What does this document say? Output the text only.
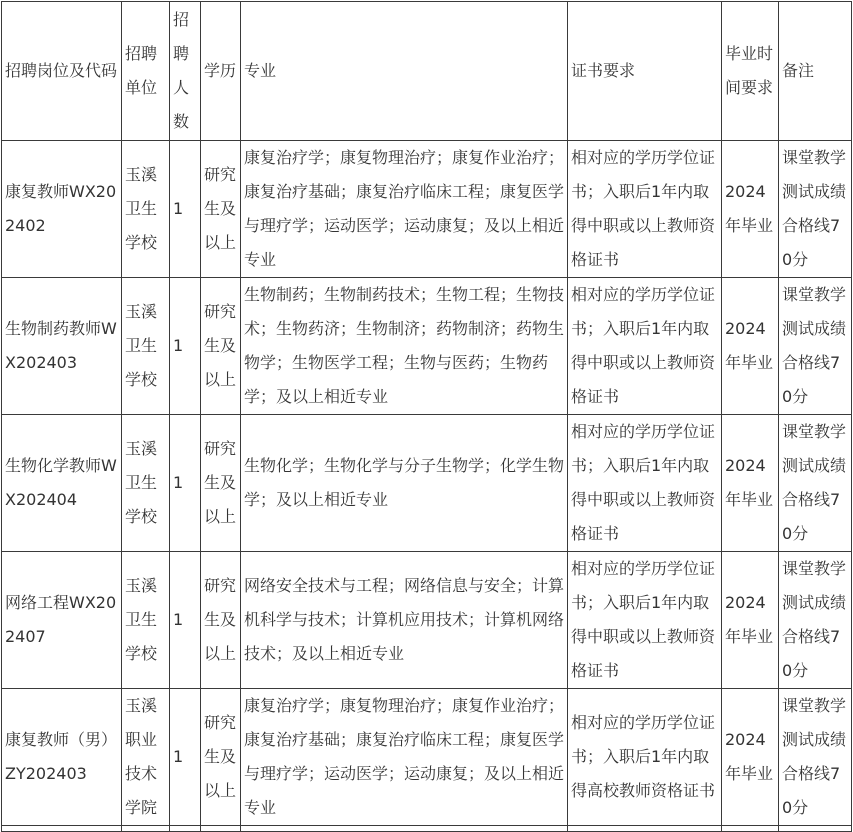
招聘岗位及代码	招聘单位	招聘人数	学历	专业	证书要求	毕业时间要求	备注
康复教师WX202402	玉溪卫生学校	1	研究生及以上	康复治疗学；康复物理治疗；康复作业治疗；康复治疗基础；康复治疗临床工程；康复医学与理疗学；运动医学；运动康复；及以上相近专业	相对应的学历学位证书；入职后1年内取得中职或以上教师资格证书	2024年毕业	课堂教学测试成绩合格线70分
生物制药教师WX202403	玉溪卫生学校	1	研究生及以上	生物制药；生物制药技术；生物工程；生物技术；生物药济；生物制济；药物制济；药物生物学；生物医学工程；生物与医药；生物药学；及以上相近专业	相对应的学历学位证书；入职后1年内取得中职或以上教师资格证书	2024年毕业	课堂教学测试成绩合格线70分
生物化学教师WX202404	玉溪卫生学校	1	研究生及以上	生物化学；生物化学与分子生物学；化学生物学；及以上相近专业	相对应的学历学位证书；入职后1年内取得中职或以上教师资格证书	2024年毕业	课堂教学测试成绩合格线70分
网络工程WX202407	玉溪卫生学校	1	研究生及以上	网络安全技术与工程；网络信息与安全；计算机科学与技术；计算机应用技术；计算机网络技术；及以上相近专业	相对应的学历学位证书；入职后1年内取得中职或以上教师资格证书	2024年毕业	课堂教学测试成绩合格线70分
康复教师（男）ZY202403	玉溪职业技术学院	1	研究生及以上	康复治疗学；康复物理治疗；康复作业治疗；康复治疗基础；康复治疗临床工程；康复医学与理疗学；运动医学；运动康复；及以上相近专业	相对应的学历学位证书；入职后1年内取得高校教师资格证书	2024年毕业	课堂教学测试成绩合格线70分
